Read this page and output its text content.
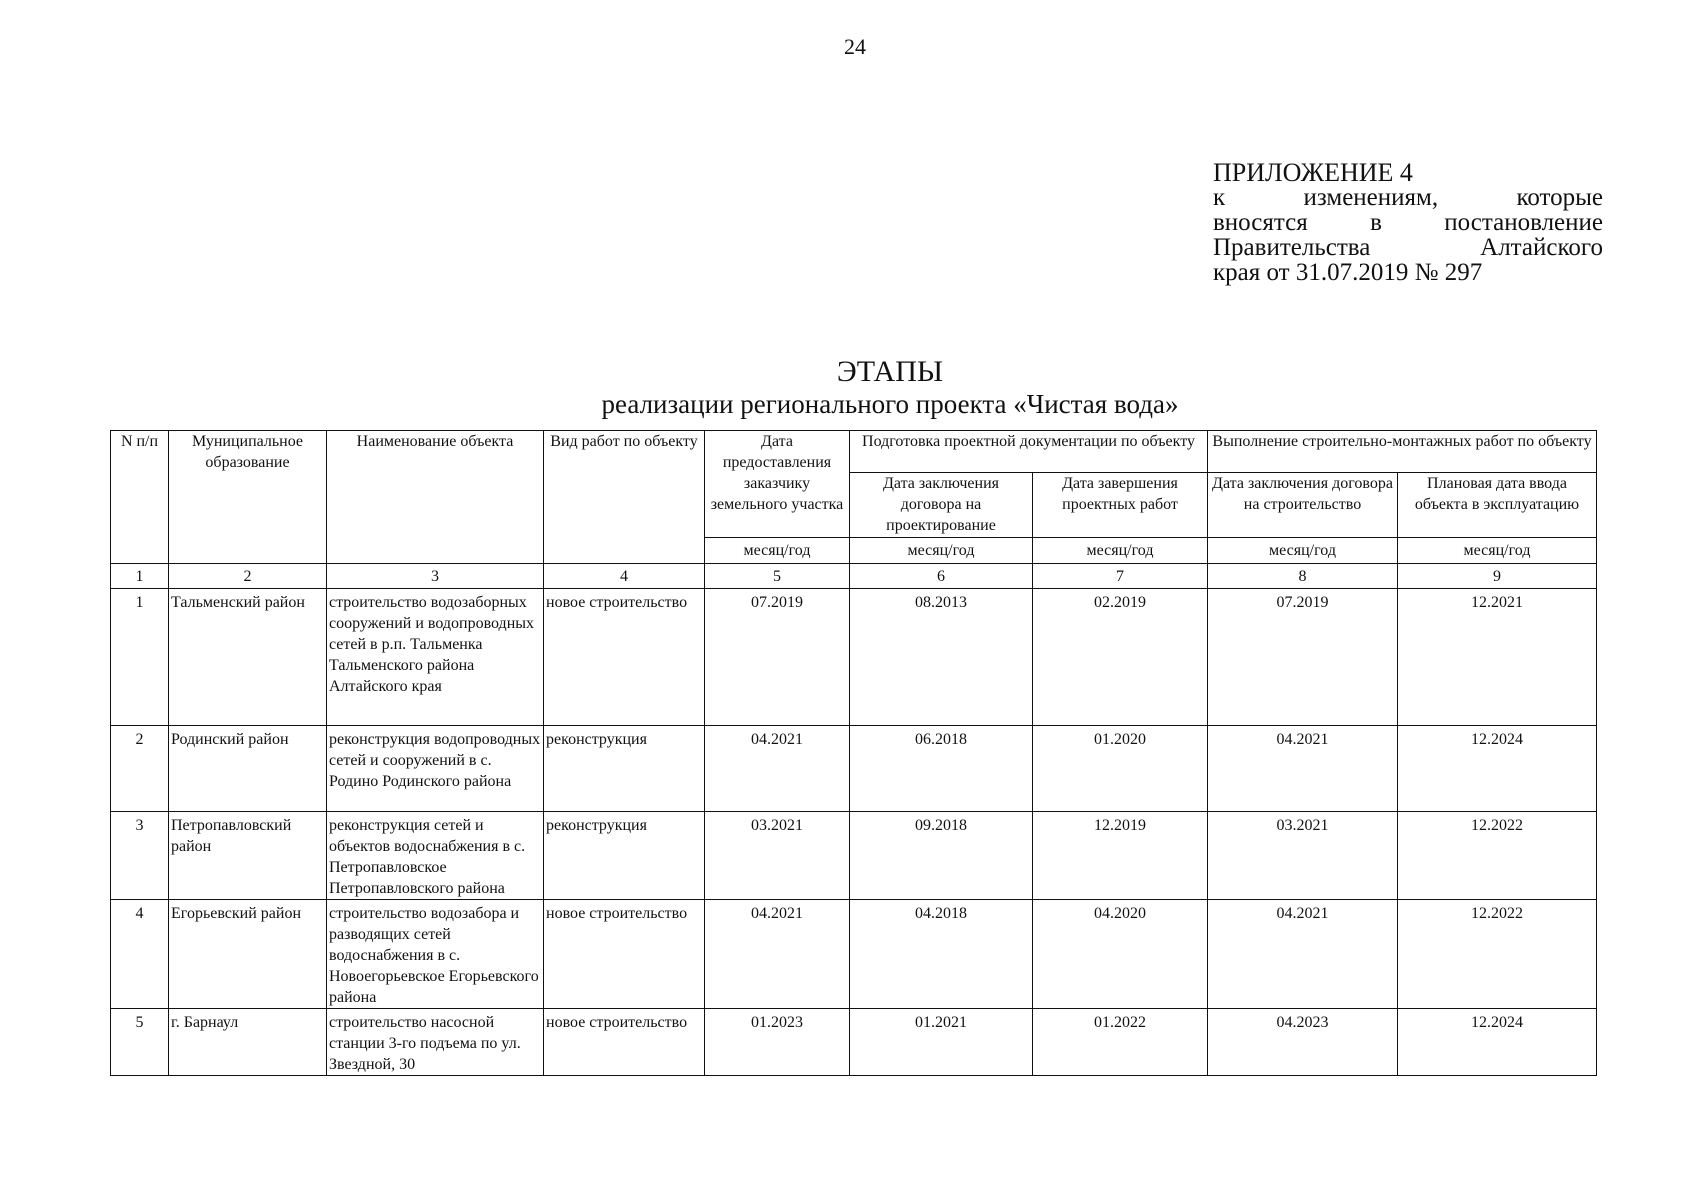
24
ПРИЛОЖЕНИЕ 4
к изменениям, которые
вносятся в постановление
Правительства Алтайского
края от 31.07.2019 № 297
ЭТАПЫ
реализации регионального проекта «Чистая вода»
N п/п	Муниципальное образование	Наименование объекта	Вид работ по объекту	Дата предоставления заказчику земельного участка	Подготовка проектной документации по объекту		Выполнение строительно-монтажных работ по объекту	
					Дата заключения договора на проектирование	Дата завершения проектных работ	Дата заключения договора на строительство	Плановая дата ввода объекта в эксплуатацию
				месяц/год	месяц/год	месяц/год	месяц/год	месяц/год
1	2	3	4	5	6	7	8	9
1	Тальменский район	строительство водозаборных сооружений и водопроводных сетей в р.п. Тальменка Тальменского района Алтайского края	новое строительство	07.2019	08.2013	02.2019	07.2019	12.2021
2	Родинский район	реконструкция водопроводных сетей и сооружений в с. Родино Родинского района	реконструкция	04.2021	06.2018	01.2020	04.2021	12.2024
3	Петропавловский район	реконструкция сетей и объектов водоснабжения в с. Петропавловское Петропавловского района	реконструкция	03.2021	09.2018	12.2019	03.2021	12.2022
4	Егорьевский район	строительство водозабора и разводящих сетей водоснабжения в с. Новоегорьевское Егорьевского района	новое строительство	04.2021	04.2018	04.2020	04.2021	12.2022
5	г. Барнаул	строительство насосной станции 3-го подъема по ул. Звездной, 30	новое строительство	01.2023	01.2021	01.2022	04.2023	12.2024
